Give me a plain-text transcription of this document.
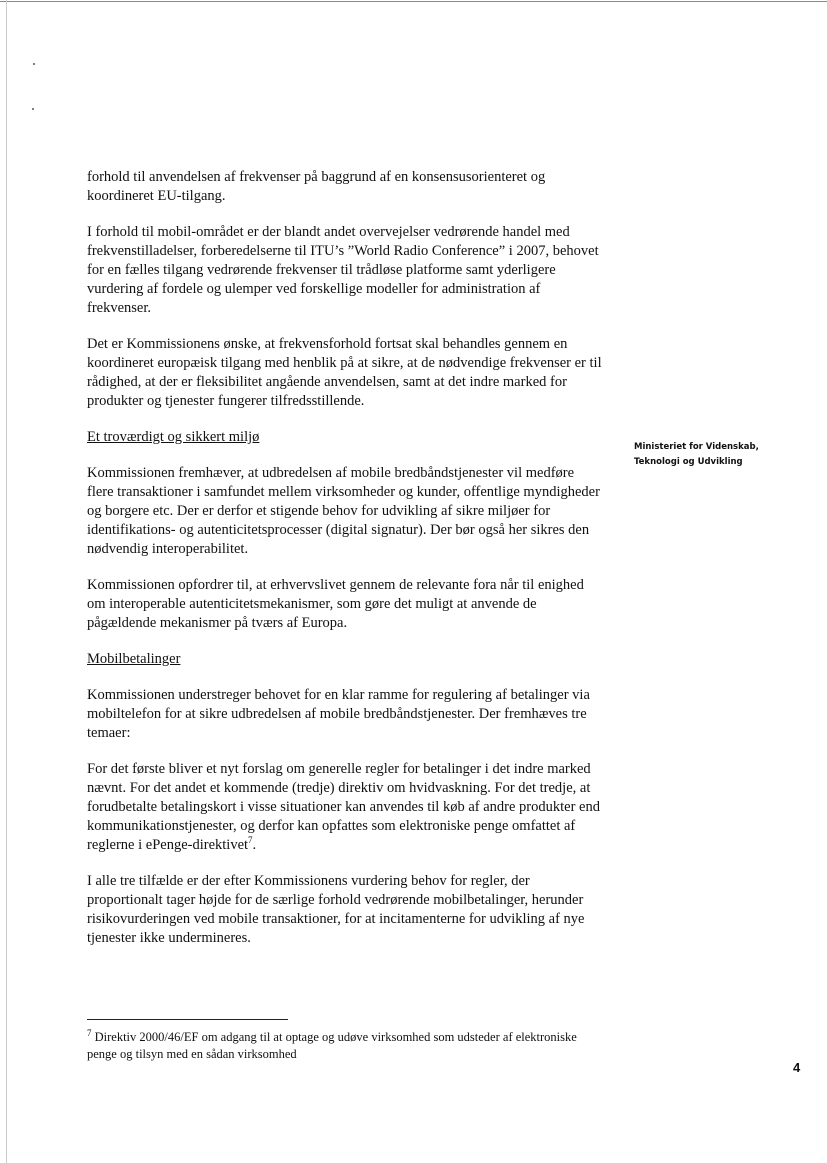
forhold til anvendelsen af frekvenser på baggrund af en konsensusorienteret og koordineret EU-tilgang.

I forhold til mobil-området er der blandt andet overvejelser vedrørende handel med frekvenstilladelser, forberedelserne til ITU’s ”World Radio Conference” i 2007, behovet for en fælles tilgang vedrørende frekvenser til trådløse platforme samt yderligere vurdering af fordele og ulemper ved forskellige modeller for administration af frekvenser.

Det er Kommissionens ønske, at frekvensforhold fortsat skal behandles gennem en koordineret europæisk tilgang med henblik på at sikre, at de nødvendige frekvenser er til rådighed, at der er fleksibilitet angående anvendelsen, samt at det indre marked for produkter og tjenester fungerer tilfredsstillende.

Et troværdigt og sikkert miljø

Kommissionen fremhæver, at udbredelsen af mobile bredbåndstjenester vil medføre flere transaktioner i samfundet mellem virksomheder og kunder, offentlige myndigheder og borgere etc. Der er derfor et stigende behov for udvikling af sikre miljøer for identifikations- og autenticitetsprocesser (digital signatur). Der bør også her sikres den nødvendig interoperabilitet.

Kommissionen opfordrer til, at erhvervslivet gennem de relevante fora når til enighed om interoperable autenticitetsmekanismer, som gøre det muligt at anvende de pågældende mekanismer på tværs af Europa.

Mobilbetalinger

Kommissionen understreger behovet for en klar ramme for regulering af betalinger via mobiltelefon for at sikre udbredelsen af mobile bredbåndstjenester. Der fremhæves tre temaer:

For det første bliver et nyt forslag om generelle regler for betalinger i det indre marked nævnt. For det andet et kommende (tredje) direktiv om hvidvaskning. For det tredje, at forudbetalte betalingskort i visse situationer kan anvendes til køb af andre produkter end kommunikationstjenester, og derfor kan opfattes som elektroniske penge omfattet af reglerne i ePenge-direktivet$^7$.

I alle tre tilfælde er der efter Kommissionens vurdering behov for regler, der proportionalt tager højde for de særlige forhold vedrørende mobilbetalinger, herunder risikovurderingen ved mobile transaktioner, for at incitamenterne for udvikling af nye tjenester ikke undermineres.

Ministeriet for Videnskab,
Teknologi og Udvikling
$^7$ Direktiv 2000/46/EF om adgang til at optage og udøve virksomhed som udsteder af elektroniske penge og tilsyn med en sådan virksomhed
4
